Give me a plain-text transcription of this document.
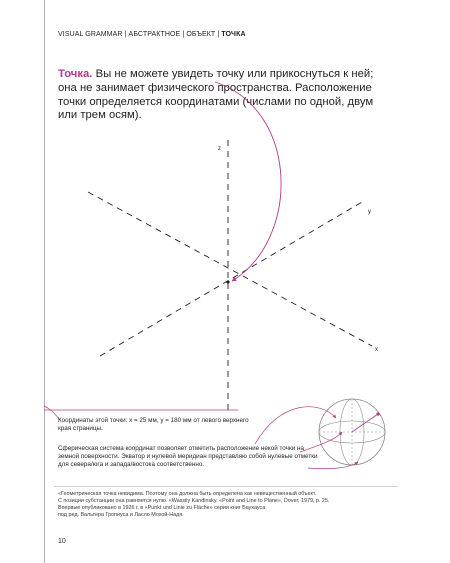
VISUAL GRAMMAR | АБСТРАКТНОЕ | ОБЪЕКТ | ТОЧКА
Точка. Вы не можете увидеть точку или прикоснуться к ней; она не занимает физического пространства. Расположение точки определяется координатами (числами по одной, двум или трем осям).
z
y
x
Координаты этой точки: x = 25 мм, y = 180 мм от левого верхнего края страницы.
Сферическая система координат позволяет отметить расположение некой точки на земной поверхности. Экватор и нулевой меридиан представляю собой нулевые отметки для севера/юга и запада/востока соответственно.
«Геометрическая точка невидима. Поэтому она должна быть определена как невещественный объект.
С позиции субстанции она равняется нулю. «Wassily Kandinsky. «Point and Line to Plane», Dover, 1979, p. 25.
Впервые опубликовано в 1926 г. в «Punkt und Linie zu Fläche» серии книг Баухауса
под ред. Вальтера Гропиуса и Ласло Мохой-Надя.
10
